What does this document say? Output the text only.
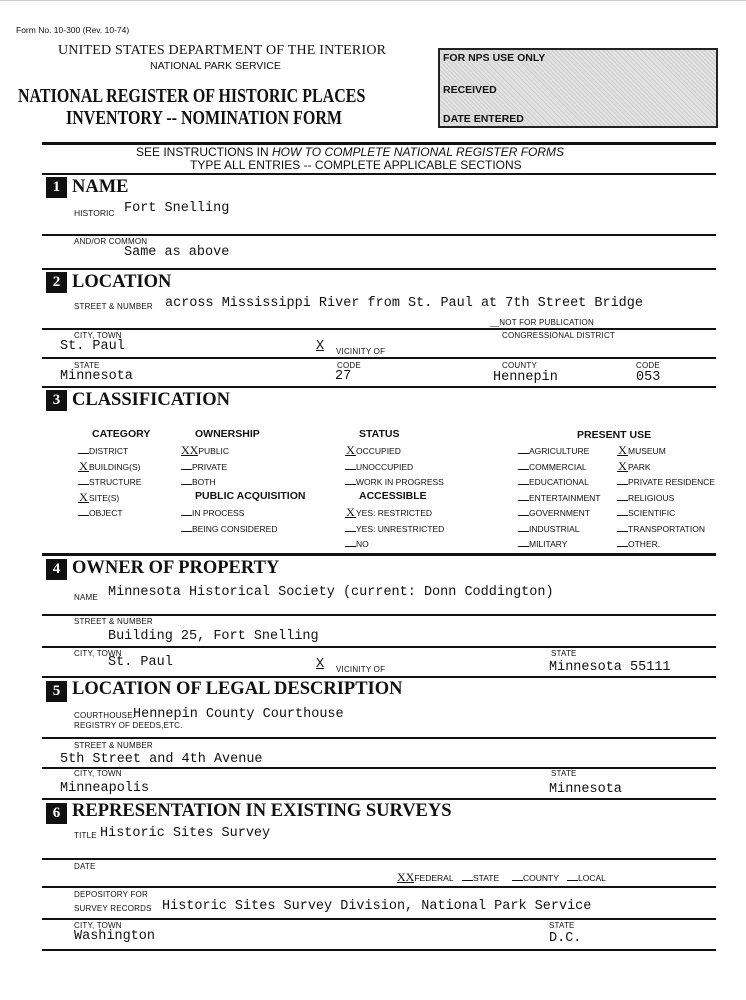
Form No. 10-300 (Rev. 10-74)
UNITED STATES DEPARTMENT OF THE INTERIOR
NATIONAL PARK SERVICE
NATIONAL REGISTER OF HISTORIC PLACES
INVENTORY -- NOMINATION FORM
FOR NPS USE ONLY
RECEIVED
DATE ENTERED
SEE INSTRUCTIONS IN HOW TO COMPLETE NATIONAL REGISTER FORMS
TYPE ALL ENTRIES -- COMPLETE APPLICABLE SECTIONS
1 NAME
HISTORIC Fort Snelling
AND/OR COMMON
Same as above
2 LOCATION
STREET & NUMBER across Mississippi River from St. Paul at 7th Street Bridge
__NOT FOR PUBLICATION
CITY, TOWN
St. Paul	X VICINITY OF
CONGRESSIONAL DISTRICT
STATE
Minnesota
CODE
27
COUNTY
Hennepin
CODE
053
3 CLASSIFICATION
CATEGORY	OWNERSHIP
PUBLIC ACQUISITION
STATUS
ACCESSIBLE
PRESENT USE
DISTRICT
XBUILDING(S)
STRUCTURE
XSITE(S)
OBJECT
XXPUBLIC
PRIVATE
BOTH
IN PROCESS
BEING CONSIDERED
XOCCUPIED
UNOCCUPIED
WORK IN PROGRESS
XYES: RESTRICTED
YES: UNRESTRICTED
NO
AGRICULTURE
COMMERCIAL
EDUCATIONAL
ENTERTAINMENT
GOVERNMENT
INDUSTRIAL
MILITARY
XMUSEUM
XPARK
PRIVATE RESIDENCE
RELIGIOUS
SCIENTIFIC
TRANSPORTATION
OTHER.
4 OWNER OF PROPERTY
NAME Minnesota Historical Society (current: Donn Coddington)
STREET & NUMBER
Building 25, Fort Snelling
CITY, TOWN
St. Paul	X VICINITY OF
STATE
Minnesota 55111
5 LOCATION OF LEGAL DESCRIPTION
COURTHOUSE.
REGISTRY OF DEEDS,ETC.
Hennepin County Courthouse
STREET & NUMBER
5th Street and 4th Avenue
CITY, TOWN
Minneapolis
STATE
Minnesota
6 REPRESENTATION IN EXISTING SURVEYS
TITLE Historic Sites Survey
DATE
XXFEDERAL	STATE	COUNTY	LOCAL
DEPOSITORY FOR
SURVEY RECORDS Historic Sites Survey Division, National Park Service
CITY, TOWN
Washington
STATE
D.C.
